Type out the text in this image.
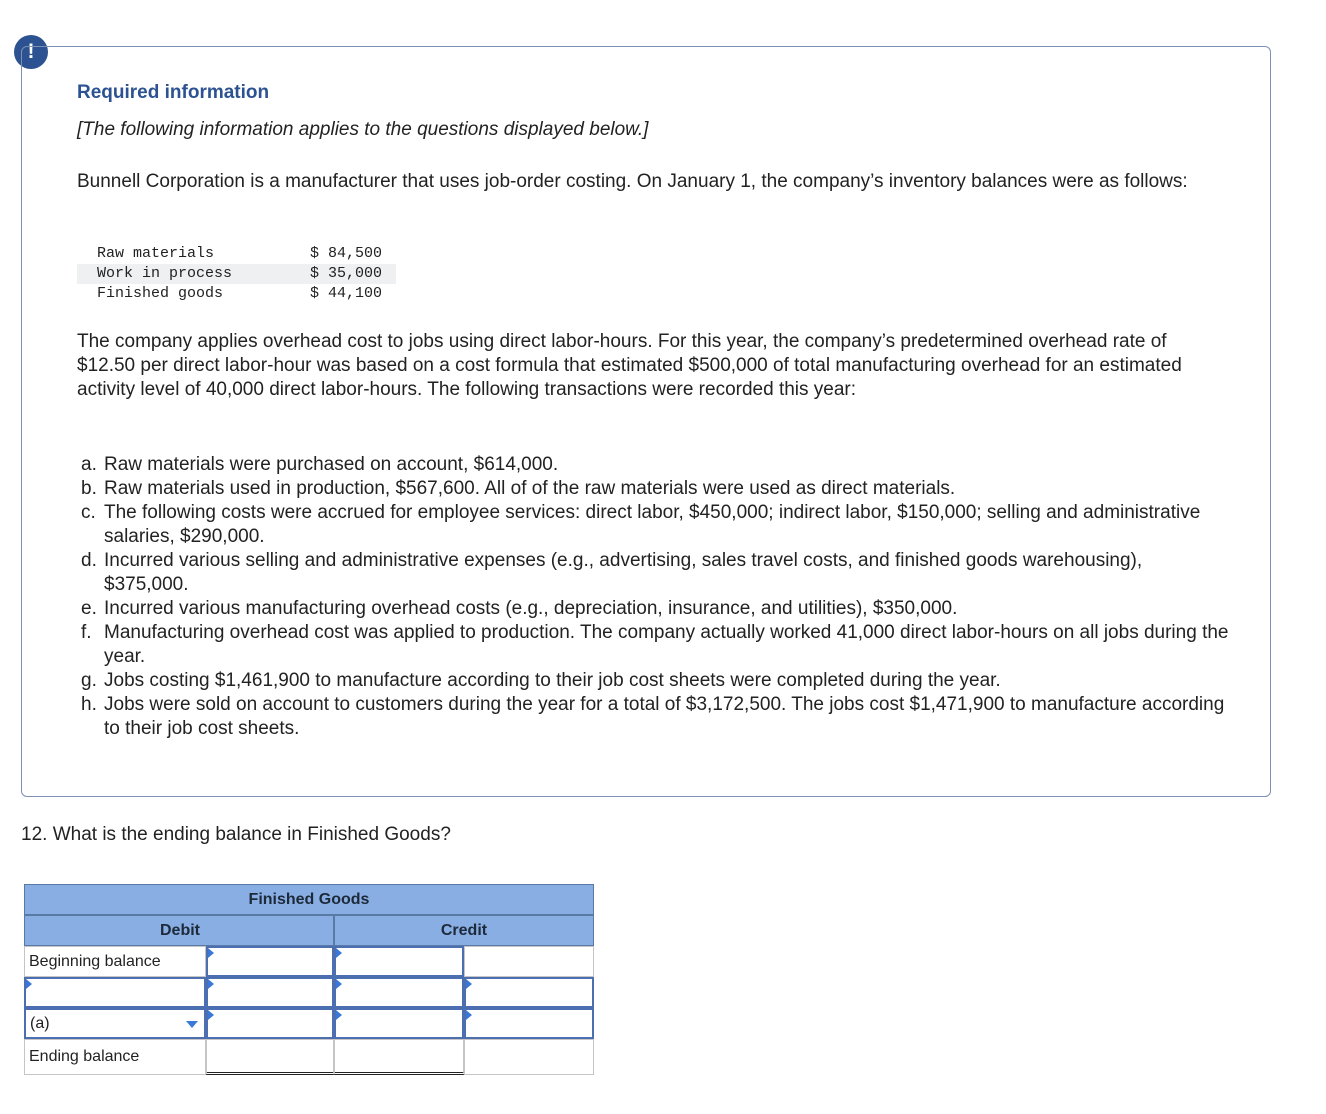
!
Required information

[The following information applies to the questions displayed below.]

Bunnell Corporation is a manufacturer that uses job-order costing. On January 1, the company’s inventory balances were as follows:

Raw materials	$ 84,500
Work in process	$ 35,000
Finished goods	$ 44,100

The company applies overhead cost to jobs using direct labor-hours. For this year, the company’s predetermined overhead rate of $12.50 per direct labor-hour was based on a cost formula that estimated $500,000 of total manufacturing overhead for an estimated activity level of 40,000 direct labor-hours. The following transactions were recorded this year:

a. Raw materials were purchased on account, $614,000.
b. Raw materials used in production, $567,600. All of of the raw materials were used as direct materials.
c. The following costs were accrued for employee services: direct labor, $450,000; indirect labor, $150,000; selling and administrative salaries, $290,000.
d. Incurred various selling and administrative expenses (e.g., advertising, sales travel costs, and finished goods warehousing), $375,000.
e. Incurred various manufacturing overhead costs (e.g., depreciation, insurance, and utilities), $350,000.
f. Manufacturing overhead cost was applied to production. The company actually worked 41,000 direct labor-hours on all jobs during the year.
g. Jobs costing $1,461,900 to manufacture according to their job cost sheets were completed during the year.
h. Jobs were sold on account to customers during the year for a total of $3,172,500. The jobs cost $1,471,900 to manufacture according to their job cost sheets.

12. What is the ending balance in Finished Goods?

Finished Goods
Debit	Credit
Beginning balance
(a)
Ending balance
